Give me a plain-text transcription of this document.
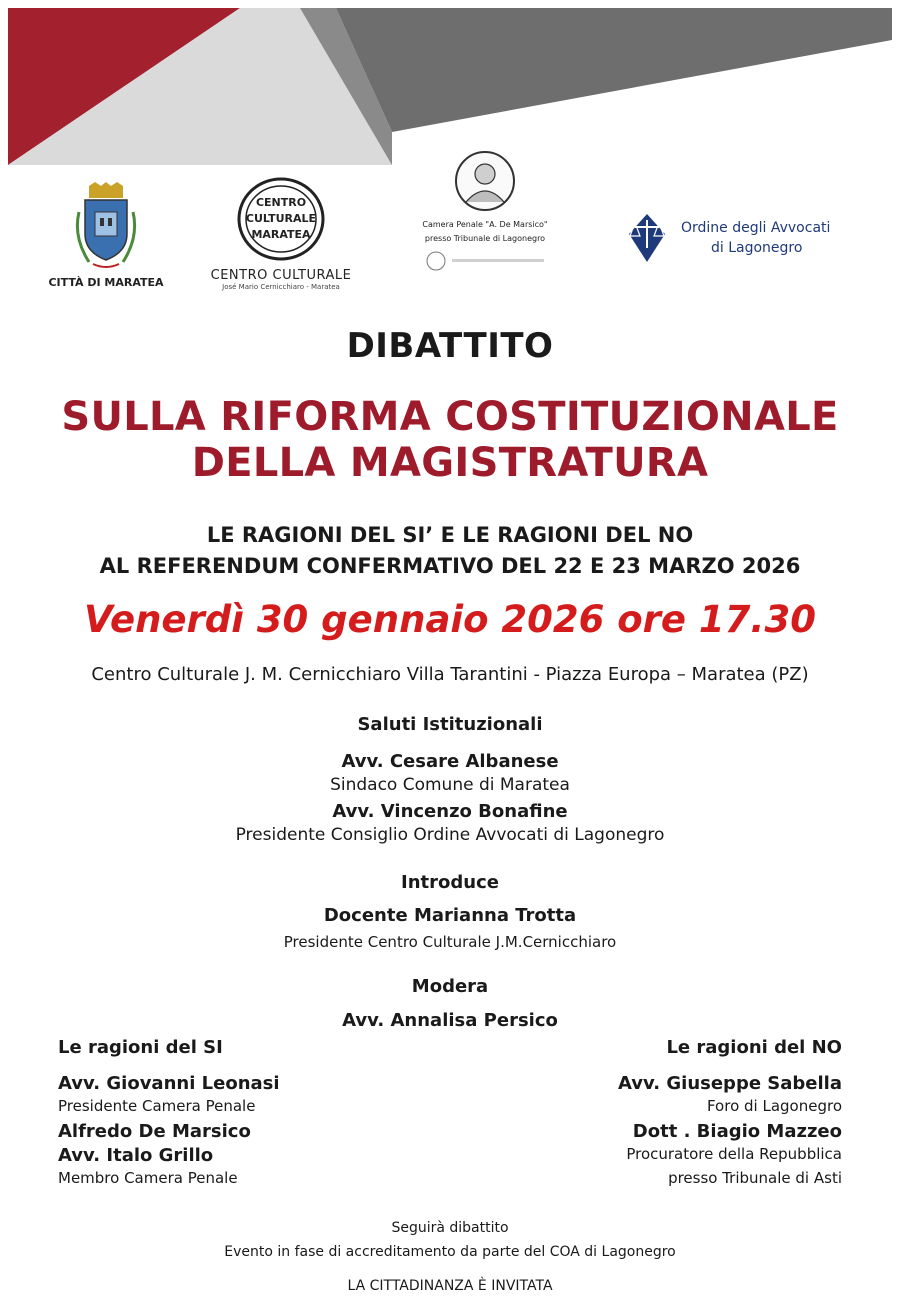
CITTÀ DI MARATEA
CENTRO
CULTURALE
MARATEA
CENTRO CULTURALE
José Mario Cernicchiaro - Maratea
Camera Penale "A. De Marsico"
presso Tribunale di Lagonegro
Ordine degli Avvocati
di Lagonegro
DIBATTITO
SULLA RIFORMA COSTITUZIONALE
DELLA MAGISTRATURA
LE RAGIONI DEL SI’ E LE RAGIONI DEL NO
AL REFERENDUM CONFERMATIVO DEL 22 E 23 MARZO 2026
Venerdì 30 gennaio 2026 ore 17.30
Centro Culturale J. M. Cernicchiaro Villa Tarantini - Piazza Europa – Maratea (PZ)
Saluti Istituzionali
Avv. Cesare Albanese
Sindaco Comune di Maratea
Avv. Vincenzo Bonafine
Presidente Consiglio Ordine Avvocati di Lagonegro
Introduce
Docente Marianna Trotta
Presidente Centro Culturale J.M.Cernicchiaro
Modera
Avv. Annalisa Persico
Le ragioni del SI
Avv. Giovanni Leonasi
Presidente Camera Penale
Alfredo De Marsico
Avv. Italo Grillo
Membro Camera Penale
Le ragioni del NO
Avv. Giuseppe Sabella
Foro di Lagonegro
Dott . Biagio Mazzeo
Procuratore della Repubblica
presso Tribunale di Asti
Seguirà dibattito
Evento in fase di accreditamento da parte del COA di Lagonegro
LA CITTADINANZA È INVITATA
